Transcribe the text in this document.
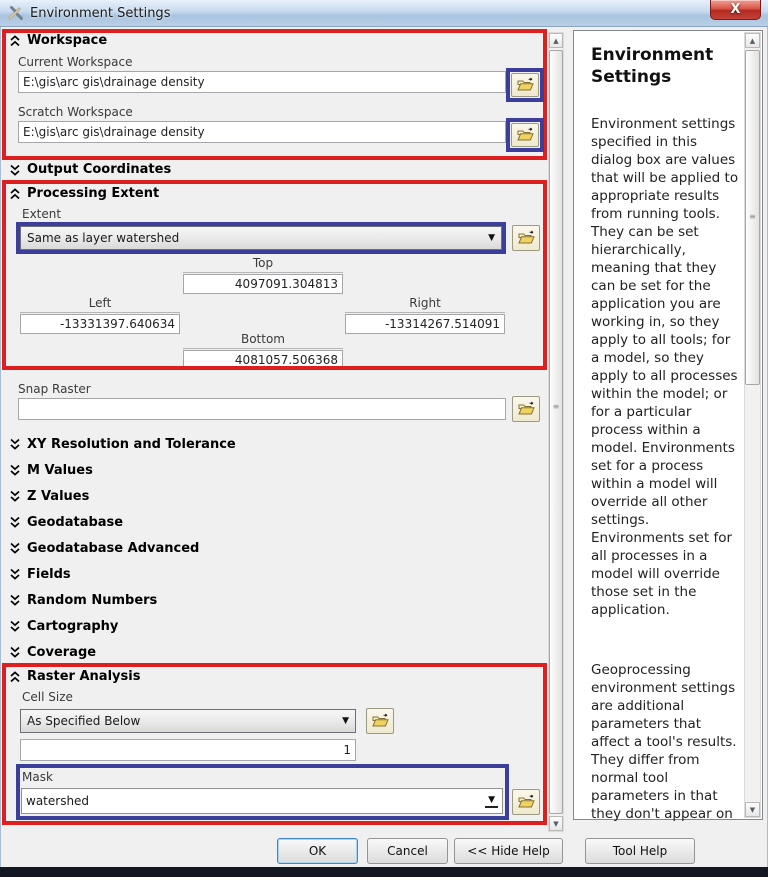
Environment Settings	X
Workspace
Current Workspace
E:\gis\arc gis\drainage density
Scratch Workspace
E:\gis\arc gis\drainage density
Output Coordinates
Processing Extent
Extent
Same as layer watershed	▼
Top
4097091.304813
Left
-13331397.640634	Right
-13314267.514091
Bottom
4081057.506368
Snap Raster
XY Resolution and Tolerance
M Values
Z Values
Geodatabase
Geodatabase Advanced
Fields
Random Numbers
Cartography
Coverage
Raster Analysis
Cell Size
As Specified Below	▼
1
Mask
watershed	▼
▲
≡
▼
Environment Settings

Environment settings specified in this dialog box are values that will be applied to appropriate results from running tools. They can be set hierarchically, meaning that they can be set for the application you are working in, so they apply to all tools; for a model, so they apply to all processes within the model; or for a particular process within a model. Environments set for a process within a model will override all other settings. Environments set for all processes in a model will override those set in the application.

Geoprocessing environment settings are additional parameters that affect a tool's results. They differ from normal tool parameters in that they don't appear on

▲
≡
▼
OK	Cancel	<< Hide Help	Tool Help
